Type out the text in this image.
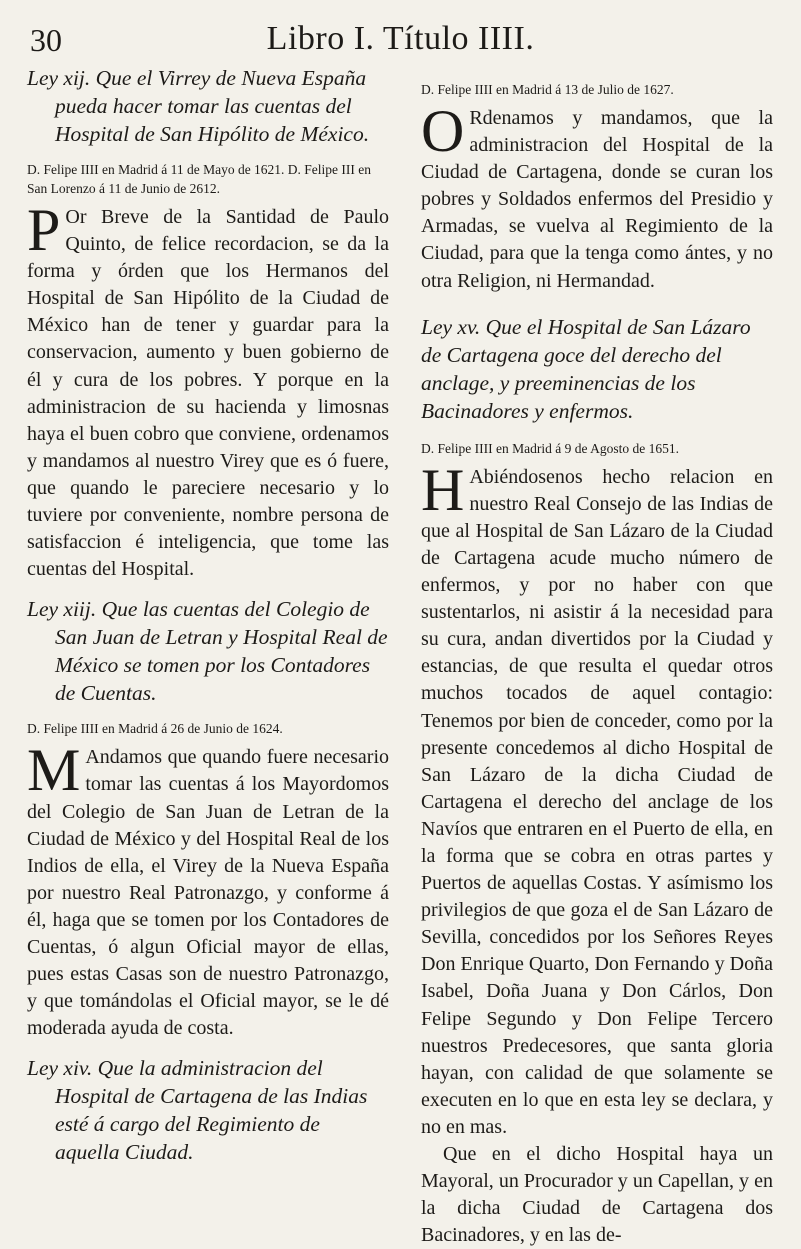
30	Libro I. Título IIII.

Ley xij. Que el Virrey de Nueva España pueda hacer tomar las cuentas del Hospital de San Hipólito de México.

D. Felipe IIII en Madrid á 11 de Mayo de 1621. D. Felipe III en San Lorenzo á 11 de Junio de 2612.

P Or Breve de la Santidad de Paulo Quinto, de felice recordacion, se da la forma y órden que los Hermanos del Hospital de San Hipólito de la Ciudad de México han de tener y guardar para la conservacion, aumento y buen gobierno de él y cura de los pobres. Y porque en la administracion de su hacienda y limosnas haya el buen cobro que conviene, ordenamos y mandamos al nuestro Virey que es ó fuere, que quando le pareciere necesario y lo tuviere por conveniente, nombre persona de satisfaccion é inteligencia, que tome las cuentas del Hospital.

Ley xiij. Que las cuentas del Colegio de San Juan de Letran y Hospital Real de México se tomen por los Contadores de Cuentas.

D. Felipe IIII en Madrid á 26 de Junio de 1624.

M Andamos que quando fuere necesario tomar las cuentas á los Mayordomos del Colegio de San Juan de Letran de la Ciudad de México y del Hospital Real de los Indios de ella, el Virey de la Nueva España por nuestro Real Patronazgo, y conforme á él, haga que se tomen por los Contadores de Cuentas, ó algun Oficial mayor de ellas, pues estas Casas son de nuestro Patronazgo, y que tomándolas el Oficial mayor, se le dé moderada ayuda de costa.

Ley xiv. Que la administracion del Hospital de Cartagena de las Indias esté á cargo del Regimiento de aquella Ciudad.

D. Felipe IIII en Madrid á 13 de Julio de 1627.

O Rdenamos y mandamos, que la administracion del Hospital de la Ciudad de Cartagena, donde se curan los pobres y Soldados enfermos del Presidio y Armadas, se vuelva al Regimiento de la Ciudad, para que la tenga como ántes, y no otra Religion, ni Hermandad.

Ley xv. Que el Hospital de San Lázaro de Cartagena goce del derecho del anclage, y preeminencias de los Bacinadores y enfermos.

D. Felipe IIII en Madrid á 9 de Agosto de 1651.

H Abiéndosenos hecho relacion en nuestro Real Consejo de las Indias de que al Hospital de San Lázaro de la Ciudad de Cartagena acude mucho número de enfermos, y por no haber con que sustentarlos, ni asistir á la necesidad para su cura, andan divertidos por la Ciudad y estancias, de que resulta el quedar otros muchos tocados de aquel contagio: Tenemos por bien de conceder, como por la presente concedemos al dicho Hospital de San Lázaro de la dicha Ciudad de Cartagena el derecho del anclage de los Navíos que entraren en el Puerto de ella, en la forma que se cobra en otras partes y Puertos de aquellas Costas. Y asímismo los privilegios de que goza el de San Lázaro de Sevilla, concedidos por los Señores Reyes Don Enrique Quarto, Don Fernando y Doña Isabel, Doña Juana y Don Cárlos, Don Felipe Segundo y Don Felipe Tercero nuestros Predecesores, que santa gloria hayan, con calidad de que solamente se executen en lo que en esta ley se declara, y no en mas.

Que en el dicho Hospital haya un Mayoral, un Procurador y un Capellan, y en la dicha Ciudad de Cartagena dos Bacinadores, y en las de-
